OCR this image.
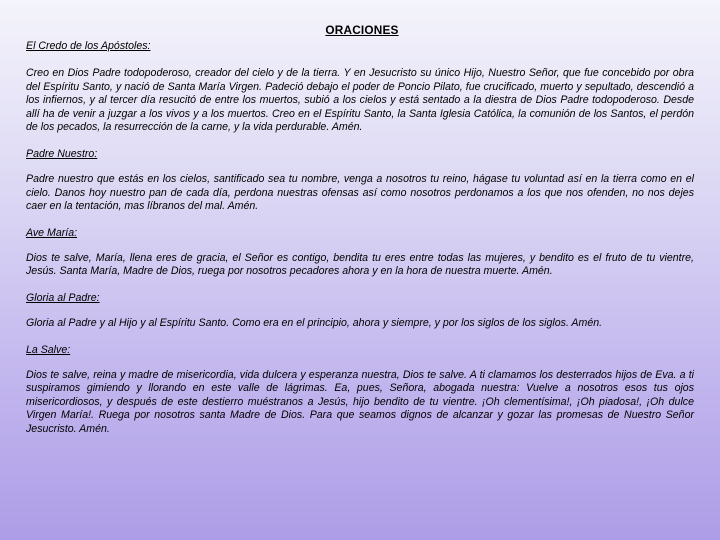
ORACIONES

El Credo de los Apóstoles:

Creo en Dios Padre todopoderoso, creador del cielo y de la tierra. Y en Jesucristo su único Hijo, Nuestro Señor, que fue concebido por obra del Espíritu Santo, y nació de Santa María Virgen. Padeció debajo el poder de Poncio Pilato, fue crucificado, muerto y sepultado, descendió a los infiernos, y al tercer día resucitó de entre los muertos, subió a los cielos y está sentado a la diestra de Dios Padre todopoderoso. Desde allí ha de venir a juzgar a los vivos y a los muertos. Creo en el Espíritu Santo, la Santa Iglesia Católica, la comunión de los Santos, el perdón de los pecados, la resurrección de la carne, y la vida perdurable. Amén.

Padre Nuestro:

Padre nuestro que estás en los cielos, santificado sea tu nombre, venga a nosotros tu reino, hágase tu voluntad así en la tierra como en el cielo. Danos hoy nuestro pan de cada día, perdona nuestras ofensas así como nosotros perdonamos a los que nos ofenden, no nos dejes caer en la tentación, mas líbranos del mal. Amén.

Ave María:

Dios te salve, María, llena eres de gracia, el Señor es contigo, bendita tu eres entre todas las mujeres, y bendito es el fruto de tu vientre, Jesús. Santa María, Madre de Dios, ruega por nosotros pecadores ahora y en la hora de nuestra muerte. Amén.

Gloria al Padre:

Gloria al Padre y al Hijo y al Espíritu Santo. Como era en el principio, ahora y siempre, y por los siglos de los siglos. Amén.

La Salve:

Dios te salve, reina y madre de misericordia, vida dulcera y esperanza nuestra, Dios te salve. A ti clamamos los desterrados hijos de Eva. a ti suspiramos gimiendo y llorando en este valle de lágrimas. Ea, pues, Señora, abogada nuestra: Vuelve a nosotros esos tus ojos misericordiosos, y después de este destierro muéstranos a Jesús, hijo bendito de tu vientre. ¡Oh clementísima!, ¡Oh piadosa!, ¡Oh dulce Virgen María!. Ruega por nosotros santa Madre de Dios. Para que seamos dignos de alcanzar y gozar las promesas de Nuestro Señor Jesucristo. Amén.
